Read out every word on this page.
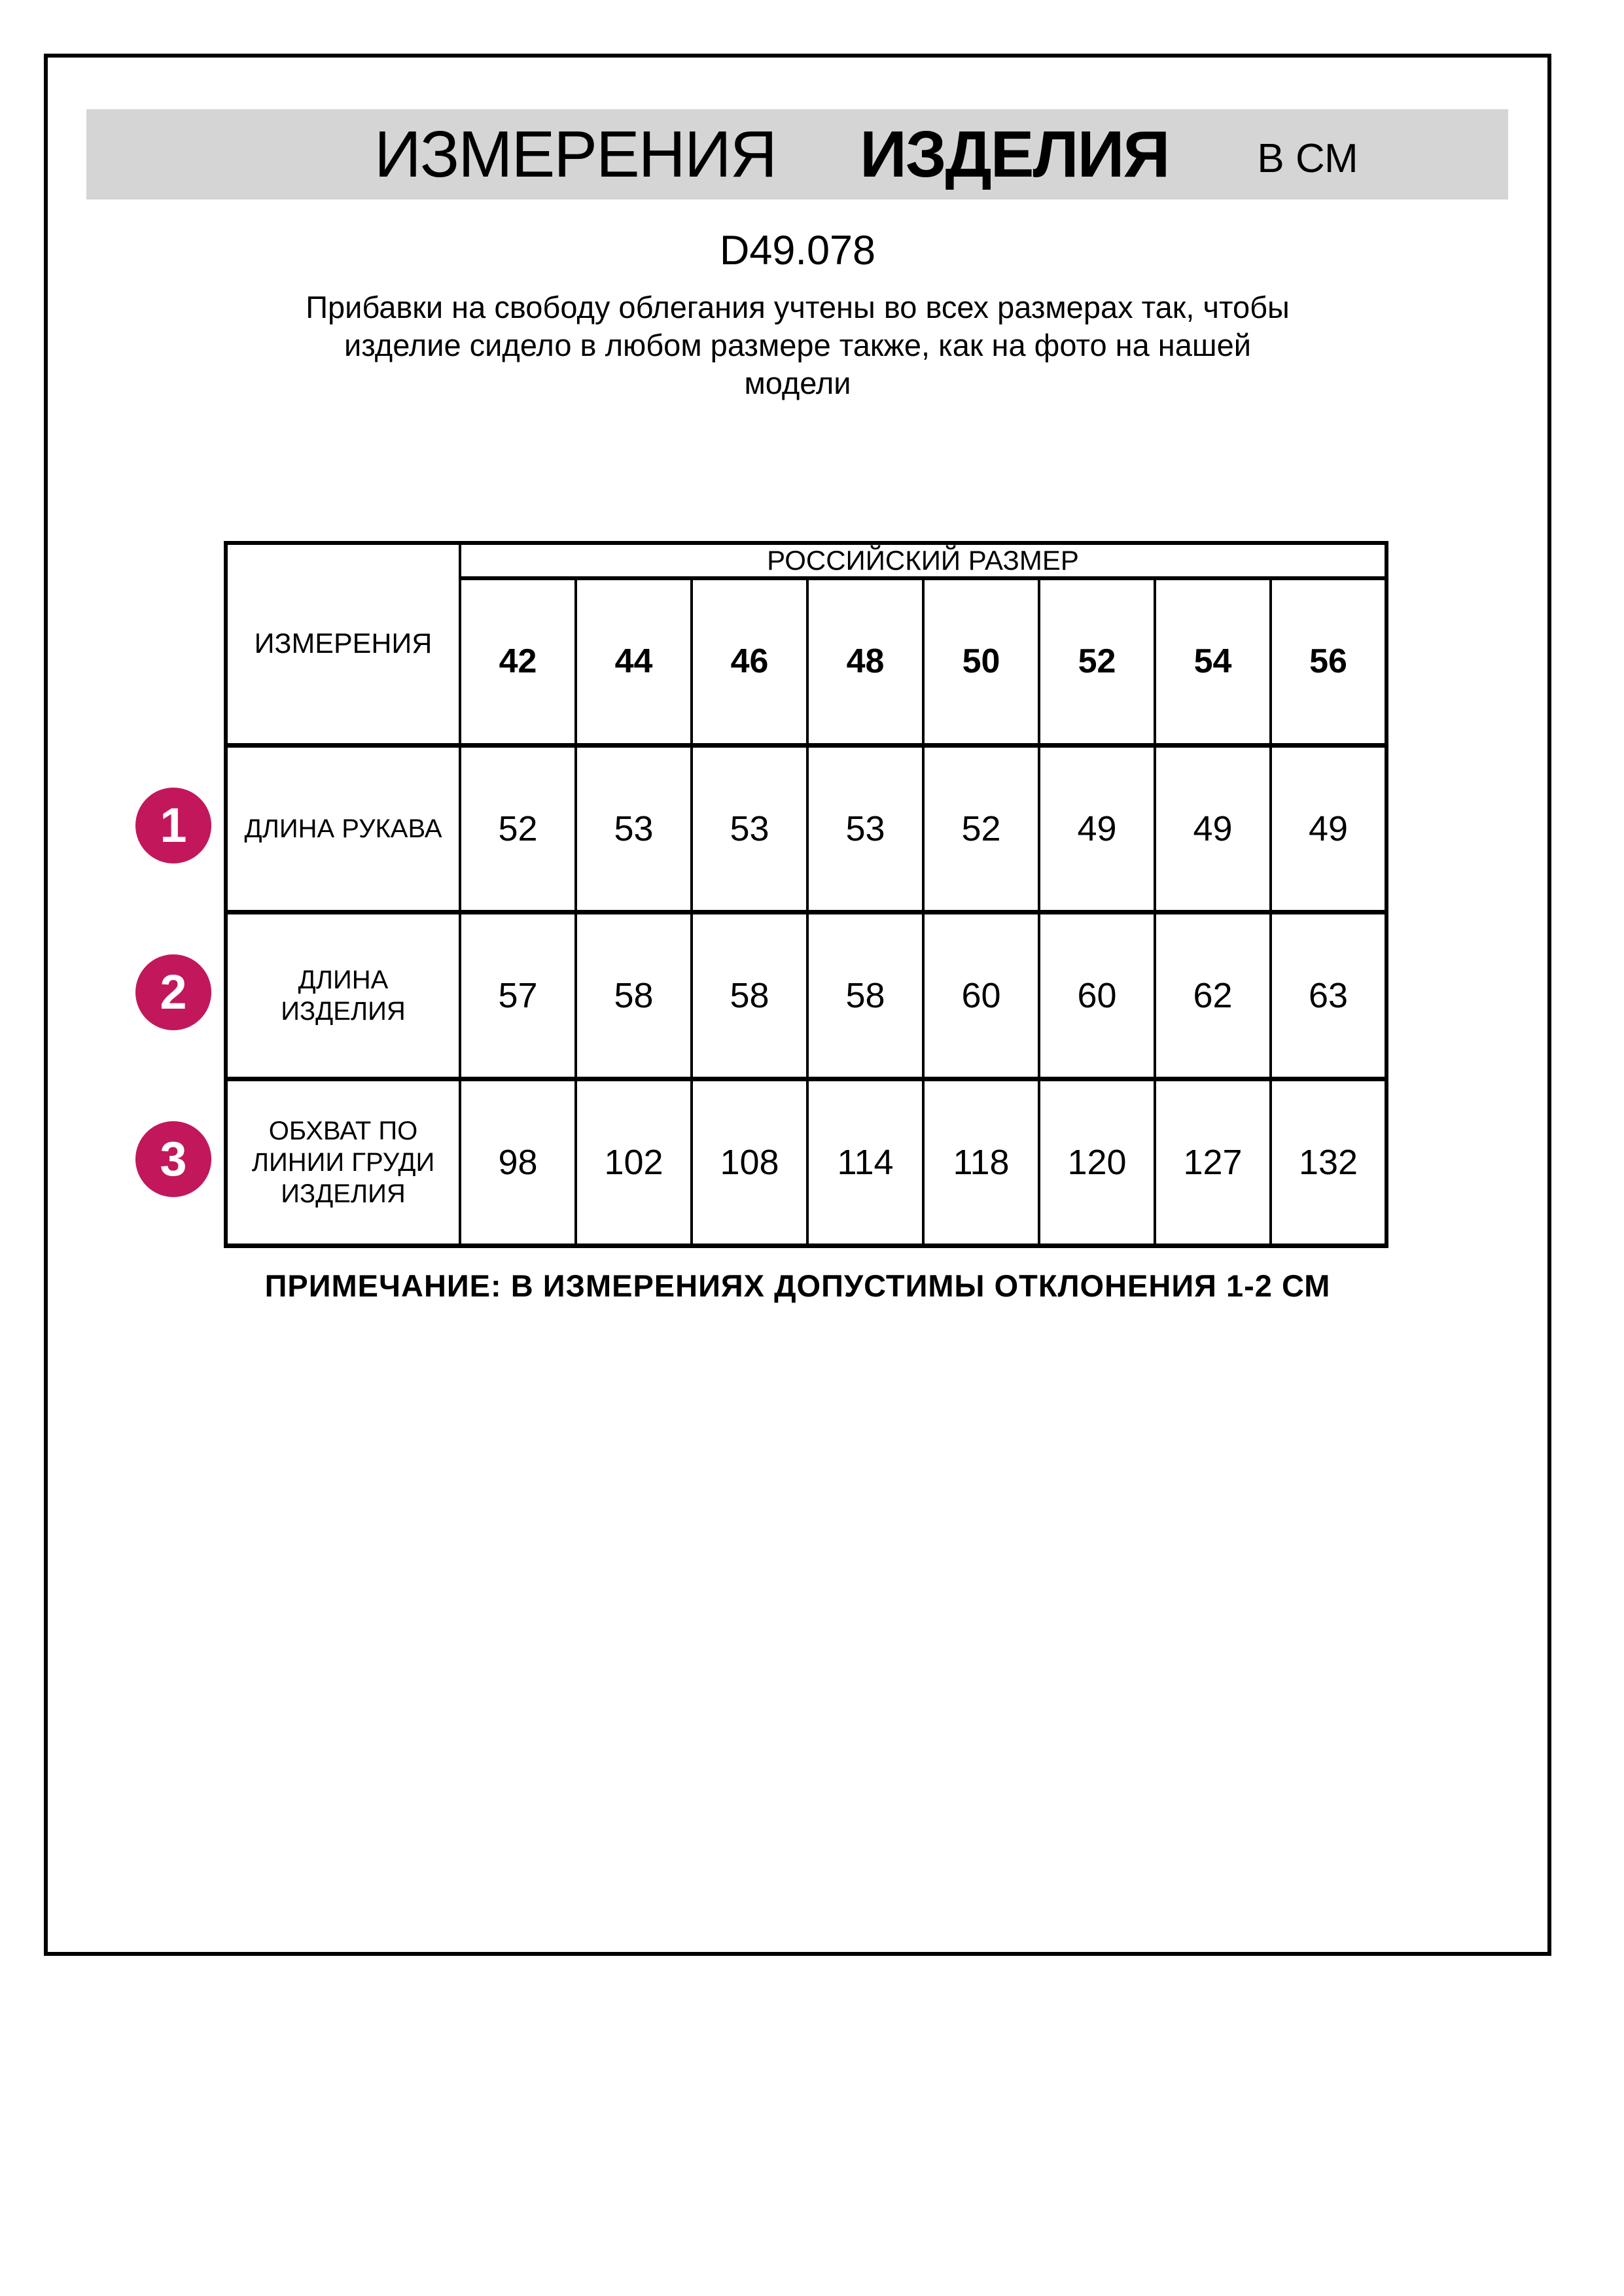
ИЗМЕРЕНИЯ ИЗДЕЛИЯ В СМ
D49.078
Прибавки на свободу облегания учтены во всех размерах так, чтобы
изделие сидело в любом размере также, как на фото на нашей
модели
ИЗМЕРЕНИЯ	РОССИЙСКИЙ РАЗМЕР							
	42	44	46	48	50	52	54	56

ДЛИНА РУКАВА	52	53	53	53	52	49	49	49

ДЛИНА
ИЗДЕЛИЯ	57	58	58	58	60	60	62	63

ОБХВАТ ПО
ЛИНИИ ГРУДИ
ИЗДЕЛИЯ	98	102	108	114	118	120	127	132
1
2
3
ПРИМЕЧАНИЕ: В ИЗМЕРЕНИЯХ ДОПУСТИМЫ ОТКЛОНЕНИЯ 1-2 СМ
